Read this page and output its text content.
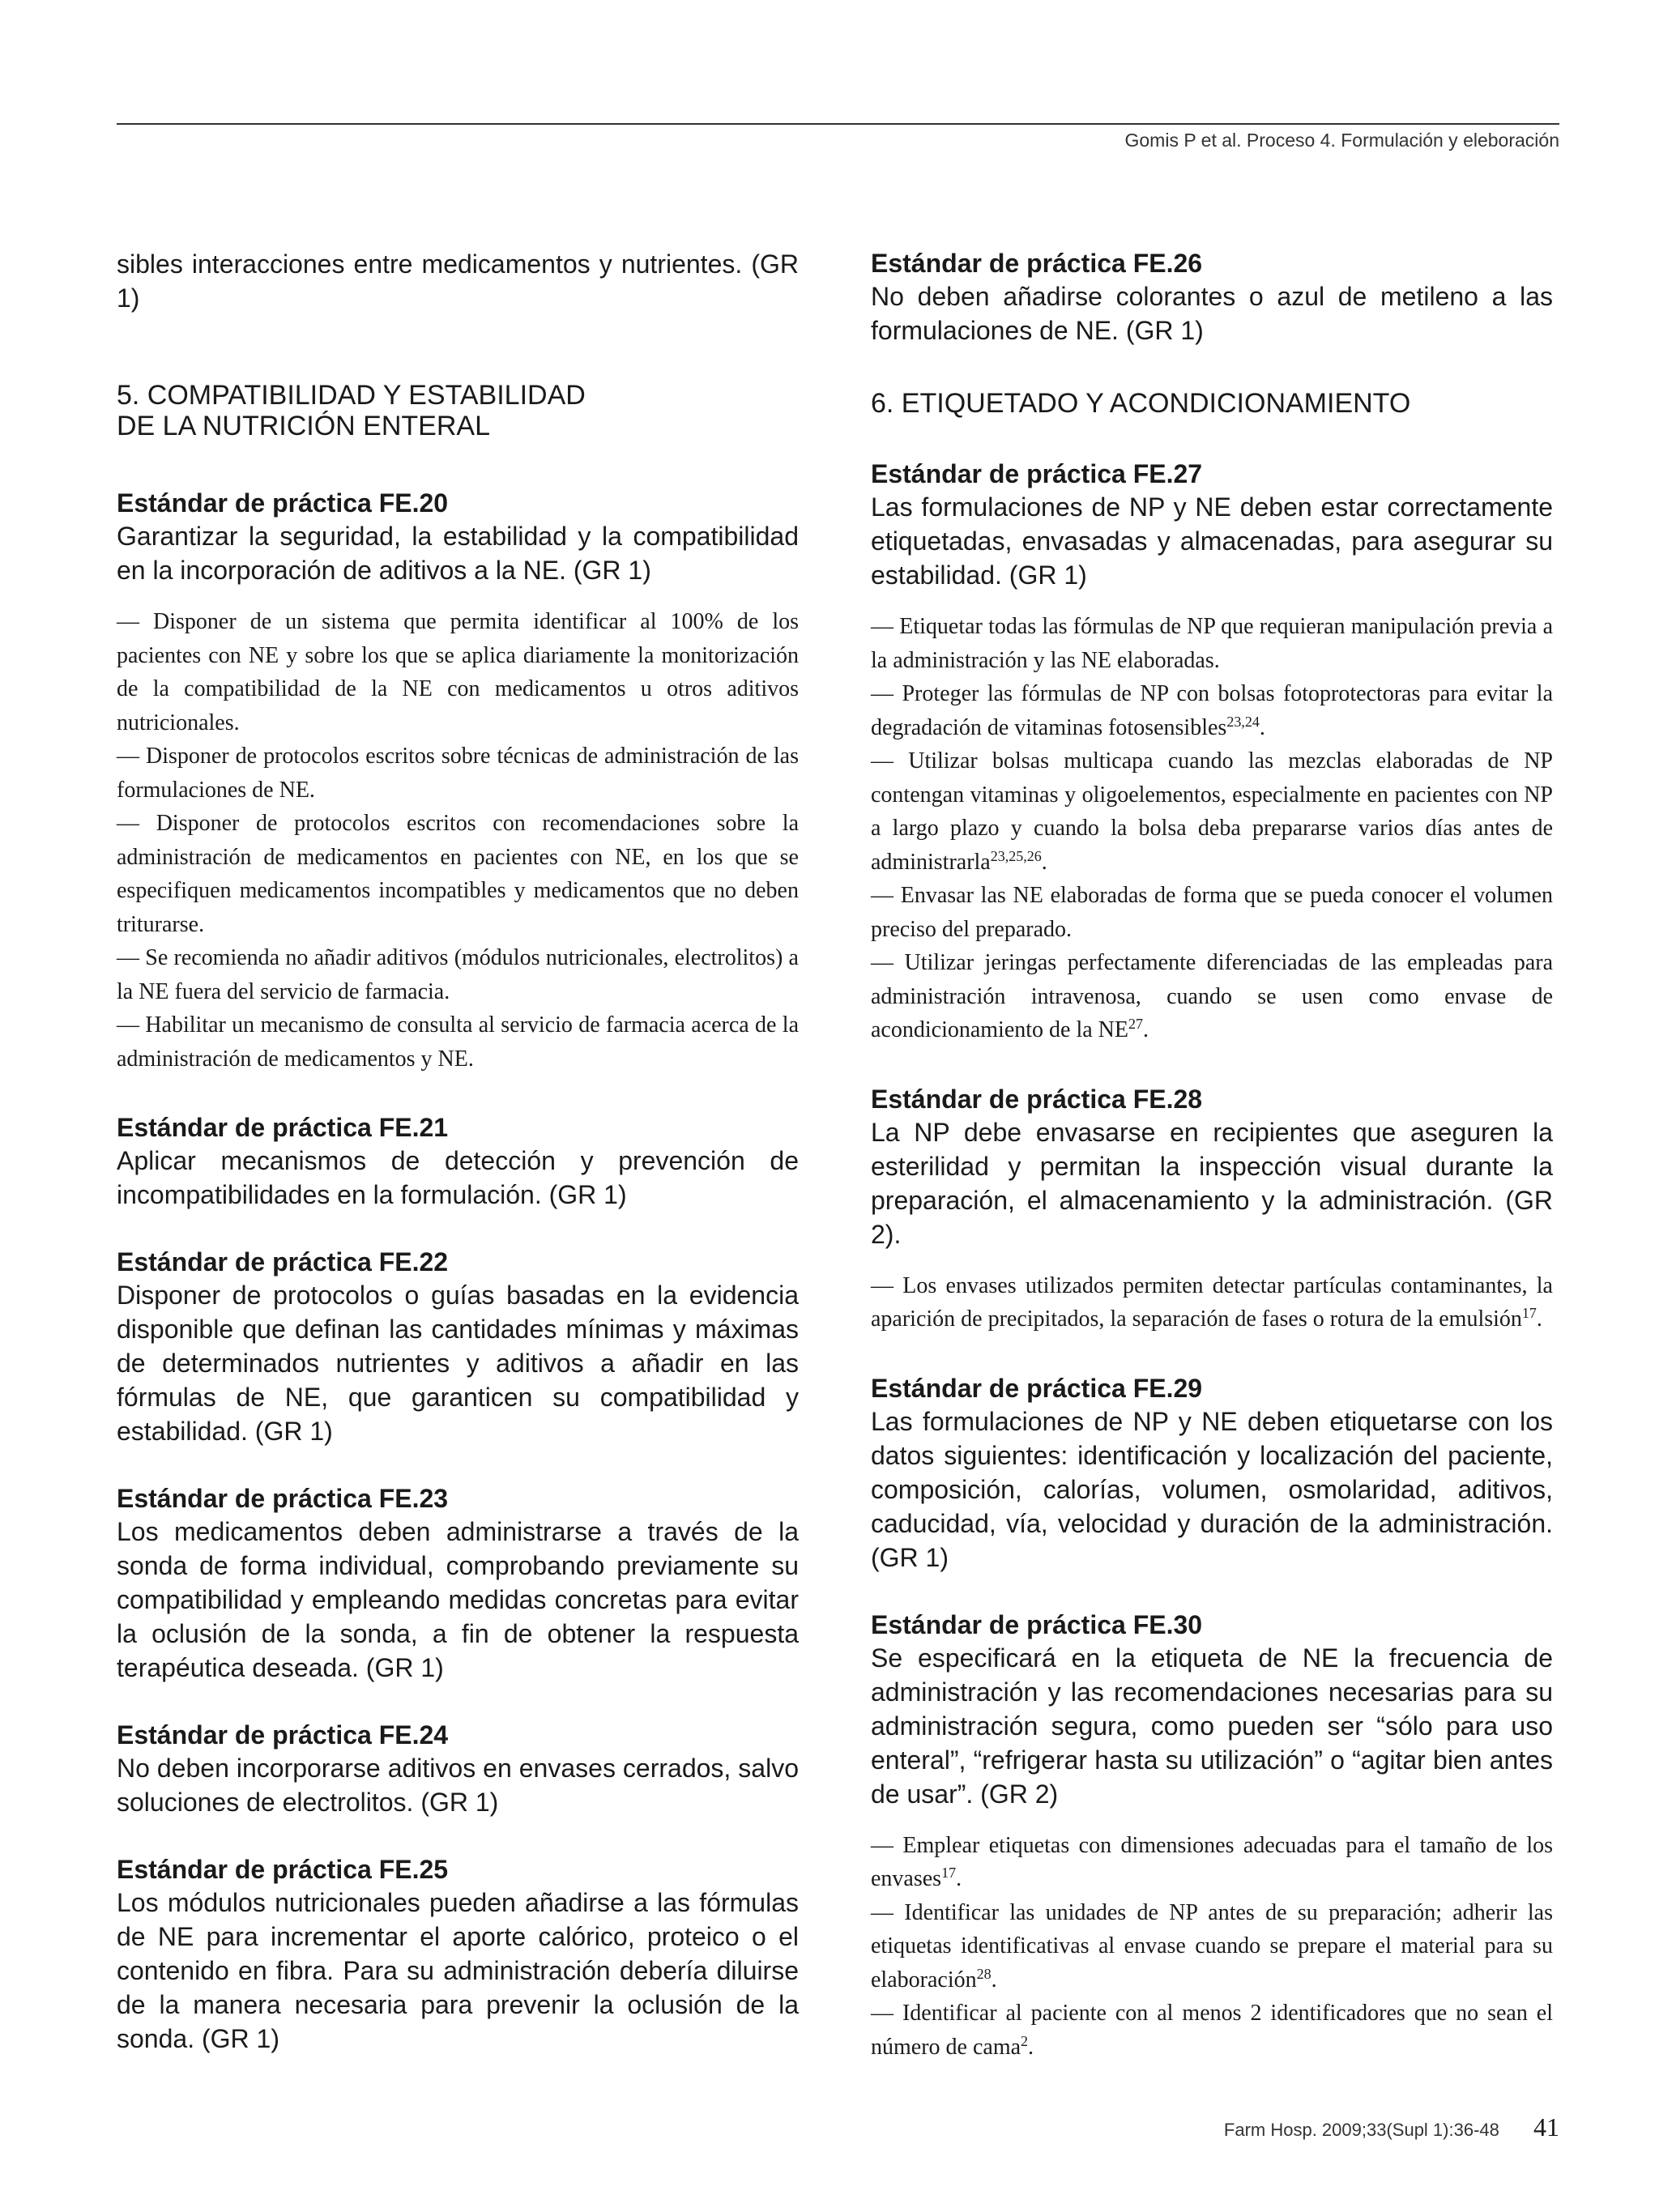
Gomis P et al. Proceso 4. Formulación y eleboración

sibles interacciones entre medicamentos y nutrientes. (GR 1)

5. COMPATIBILIDAD Y ESTABILIDAD
DE LA NUTRICIÓN ENTERAL

Estándar de práctica FE.20

Garantizar la seguridad, la estabilidad y la compatibilidad en la incorporación de aditivos a la NE. (GR 1)

— Disponer de un sistema que permita identificar al 100% de los pacientes con NE y sobre los que se aplica diariamente la monitorización de la compatibilidad de la NE con medicamentos u otros aditivos nutricionales.

— Disponer de protocolos escritos sobre técnicas de administración de las formulaciones de NE.

— Disponer de protocolos escritos con recomendaciones sobre la administración de medicamentos en pacientes con NE, en los que se especifiquen medicamentos incompatibles y medicamentos que no deben triturarse.

— Se recomienda no añadir aditivos (módulos nutricionales, electrolitos) a la NE fuera del servicio de farmacia.

— Habilitar un mecanismo de consulta al servicio de farmacia acerca de la administración de medicamentos y NE.

Estándar de práctica FE.21

Aplicar mecanismos de detección y prevención de incompatibilidades en la formulación. (GR 1)

Estándar de práctica FE.22

Disponer de protocolos o guías basadas en la evidencia disponible que definan las cantidades mínimas y máximas de determinados nutrientes y aditivos a añadir en las fórmulas de NE, que garanticen su compatibilidad y estabilidad. (GR 1)

Estándar de práctica FE.23

Los medicamentos deben administrarse a través de la sonda de forma individual, comprobando previamente su compatibilidad y empleando medidas concretas para evitar la oclusión de la sonda, a fin de obtener la respuesta terapéutica deseada. (GR 1)

Estándar de práctica FE.24

No deben incorporarse aditivos en envases cerrados, salvo soluciones de electrolitos. (GR 1)

Estándar de práctica FE.25

Los módulos nutricionales pueden añadirse a las fórmulas de NE para incrementar el aporte calórico, proteico o el contenido en fibra. Para su administración debería diluirse de la manera necesaria para prevenir la oclusión de la sonda. (GR 1)

Estándar de práctica FE.26

No deben añadirse colorantes o azul de metileno a las formulaciones de NE. (GR 1)

6. ETIQUETADO Y ACONDICIONAMIENTO

Estándar de práctica FE.27

Las formulaciones de NP y NE deben estar correctamente etiquetadas, envasadas y almacenadas, para asegurar su estabilidad. (GR 1)

— Etiquetar todas las fórmulas de NP que requieran manipulación previa a la administración y las NE elaboradas.

— Proteger las fórmulas de NP con bolsas fotoprotectoras para evitar la degradación de vitaminas fotosensibles$^{23,24}$.

— Utilizar bolsas multicapa cuando las mezclas elaboradas de NP contengan vitaminas y oligoelementos, especialmente en pacientes con NP a largo plazo y cuando la bolsa deba prepararse varios días antes de administrarla$^{23,25,26}$.

— Envasar las NE elaboradas de forma que se pueda conocer el volumen preciso del preparado.

— Utilizar jeringas perfectamente diferenciadas de las empleadas para administración intravenosa, cuando se usen como envase de acondicionamiento de la NE$^{27}$.

Estándar de práctica FE.28

La NP debe envasarse en recipientes que aseguren la esterilidad y permitan la inspección visual durante la preparación, el almacenamiento y la administración. (GR 2).

— Los envases utilizados permiten detectar partículas contaminantes, la aparición de precipitados, la separación de fases o rotura de la emulsión$^{17}$.

Estándar de práctica FE.29

Las formulaciones de NP y NE deben etiquetarse con los datos siguientes: identificación y localización del paciente, composición, calorías, volumen, osmolaridad, aditivos, caducidad, vía, velocidad y duración de la administración. (GR 1)

Estándar de práctica FE.30

Se especificará en la etiqueta de NE la frecuencia de administración y las recomendaciones necesarias para su administración segura, como pueden ser “sólo para uso enteral”, “refrigerar hasta su utilización” o “agitar bien antes de usar”. (GR 2)

— Emplear etiquetas con dimensiones adecuadas para el tamaño de los envases$^{17}$.

— Identificar las unidades de NP antes de su preparación; adherir las etiquetas identificativas al envase cuando se prepare el material para su elaboración$^{28}$.

— Identificar al paciente con al menos 2 identificadores que no sean el número de cama$^2$.

Farm Hosp. 2009;33(Supl 1):36-48 41
